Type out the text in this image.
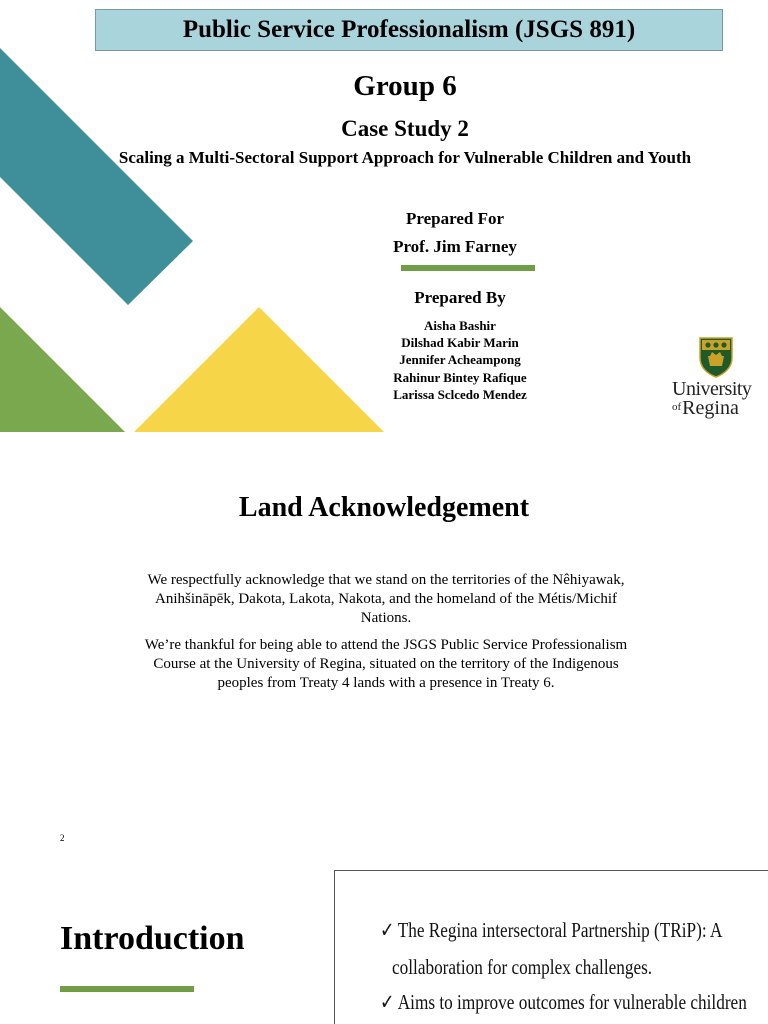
Public Service Professionalism (JSGS 891)
Group 6
Case Study 2
Scaling a Multi-Sectoral Support Approach for Vulnerable Children and Youth
Prepared For
Prof. Jim Farney
Prepared By
Aisha Bashir
Dilshad Kabir Marin
Jennifer Acheampong
Rahinur Bintey Rafique
Larissa Sclcedo Mendez	University
$^{of}$Regina
Land Acknowledgement
We respectfully acknowledge that we stand on the territories of the Nêhiyawak, Anihšināpēk, Dakota, Lakota, Nakota, and the homeland of the Métis/Michif Nations.
We’re thankful for being able to attend the JSGS Public Service Professionalism Course at the University of Regina, situated on the territory of the Indigenous peoples from Treaty 4 lands with a presence in Treaty 6.
2
Introduction	✓ The Regina intersectoral Partnership (TRiP): A
collaboration for complex challenges.
✓ Aims to improve outcomes for vulnerable children
